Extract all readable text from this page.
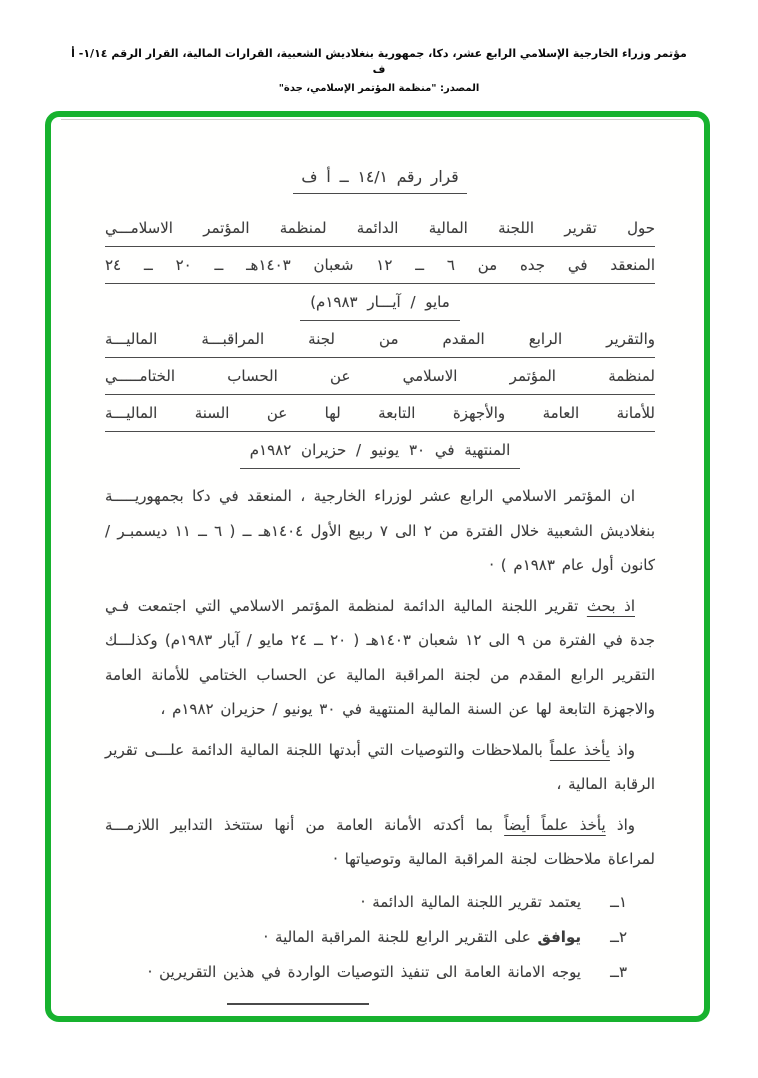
مؤتمر وزراء الخارجية الإسلامي الرابع عشر، دكا، جمهورية بنغلاديش الشعبية، القرارات المالية، القرار الرقم ١/١٤- أ ف
المصدر: "منظمة المؤتمر الإسلامي، جدة"
قرار رقم ١٤/١ ــ أ ف
حول تقرير اللجنة المالية الدائمة لمنظمة المؤتمر الاسلامـــي
المنعقد في جده من ٦ ــ ١٢ شعبان ١٤٠٣هـ ــ ٢٠ ــ ٢٤
مايو / آيـــار ١٩٨٣م)
والتقرير الرابع المقدم من لجنة المراقبـــة الماليـــة
لمنظمة المؤتمر الاسلامي عن الحساب الختامـــــي
للأمانة العامة والأجهزة التابعة لها عن السنة الماليـــة
المنتهية في ٣٠ يونيو / حزيران ١٩٨٢م

ان المؤتمر الاسلامي الرابع عشر لوزراء الخارجية ، المنعقد في دكا بجمهوريـــــة بنغلاديش الشعبية خلال الفترة من ٢ الى ٧ ربيع الأول ١٤٠٤هـ ــ ( ٦ ــ ١١ ديسمبـر / كانون أول عام ١٩٨٣م ) ·

اذ بحث تقرير اللجنة المالية الدائمة لمنظمة المؤتمر الاسلامي التي اجتمعت فـي جدة في الفترة من ٩ الى ١٢ شعبان ١٤٠٣هـ ( ٢٠ ــ ٢٤ مايو / آيار ١٩٨٣م) وكذلـــك التقرير الرابع المقدم من لجنة المراقبة المالية عن الحساب الختامي للأمانة العامة والاجهزة التابعة لها عن السنة المالية المنتهية في ٣٠ يونيو / حزيران ١٩٨٢م ،

واذ يأخذ علماً بالملاحظات والتوصيات التي أبدتها اللجنة المالية الدائمة علـــى تقرير الرقابة المالية ،

واذ يأخذ علماً أيضاً بما أكدته الأمانة العامة من أنها ستتخذ التدابير اللازمـــة لمراعاة ملاحظات لجنة المراقبة المالية وتوصياتها ·

١ــ
يعتمد تقرير اللجنة المالية الدائمة ·
٢ــ
يوافق على التقرير الرابع للجنة المراقبة المالية ·
٣ــ
يوجه الامانة العامة الى تنفيذ التوصيات الواردة في هذين التقريرين ·
